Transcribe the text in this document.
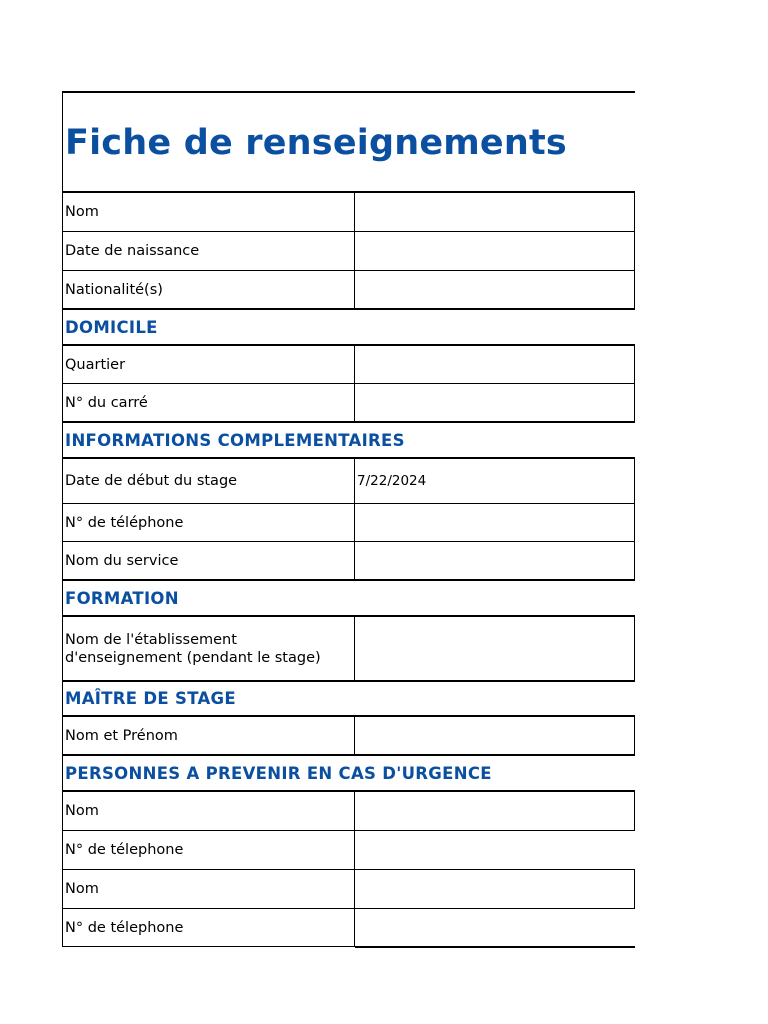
Fiche de renseignements
Nom
Date de naissance
Nationalité(s)
DOMICILE
Quartier
N° du carré
INFORMATIONS COMPLEMENTAIRES
Date de début du stage	7/22/2024
N° de téléphone
Nom du service
FORMATION
Nom de l'établissement d'enseignement (pendant le stage)
MAÎTRE DE STAGE
Nom et Prénom
PERSONNES A PREVENIR EN CAS D'URGENCE
Nom
N° de télephone
Nom
N° de télephone
